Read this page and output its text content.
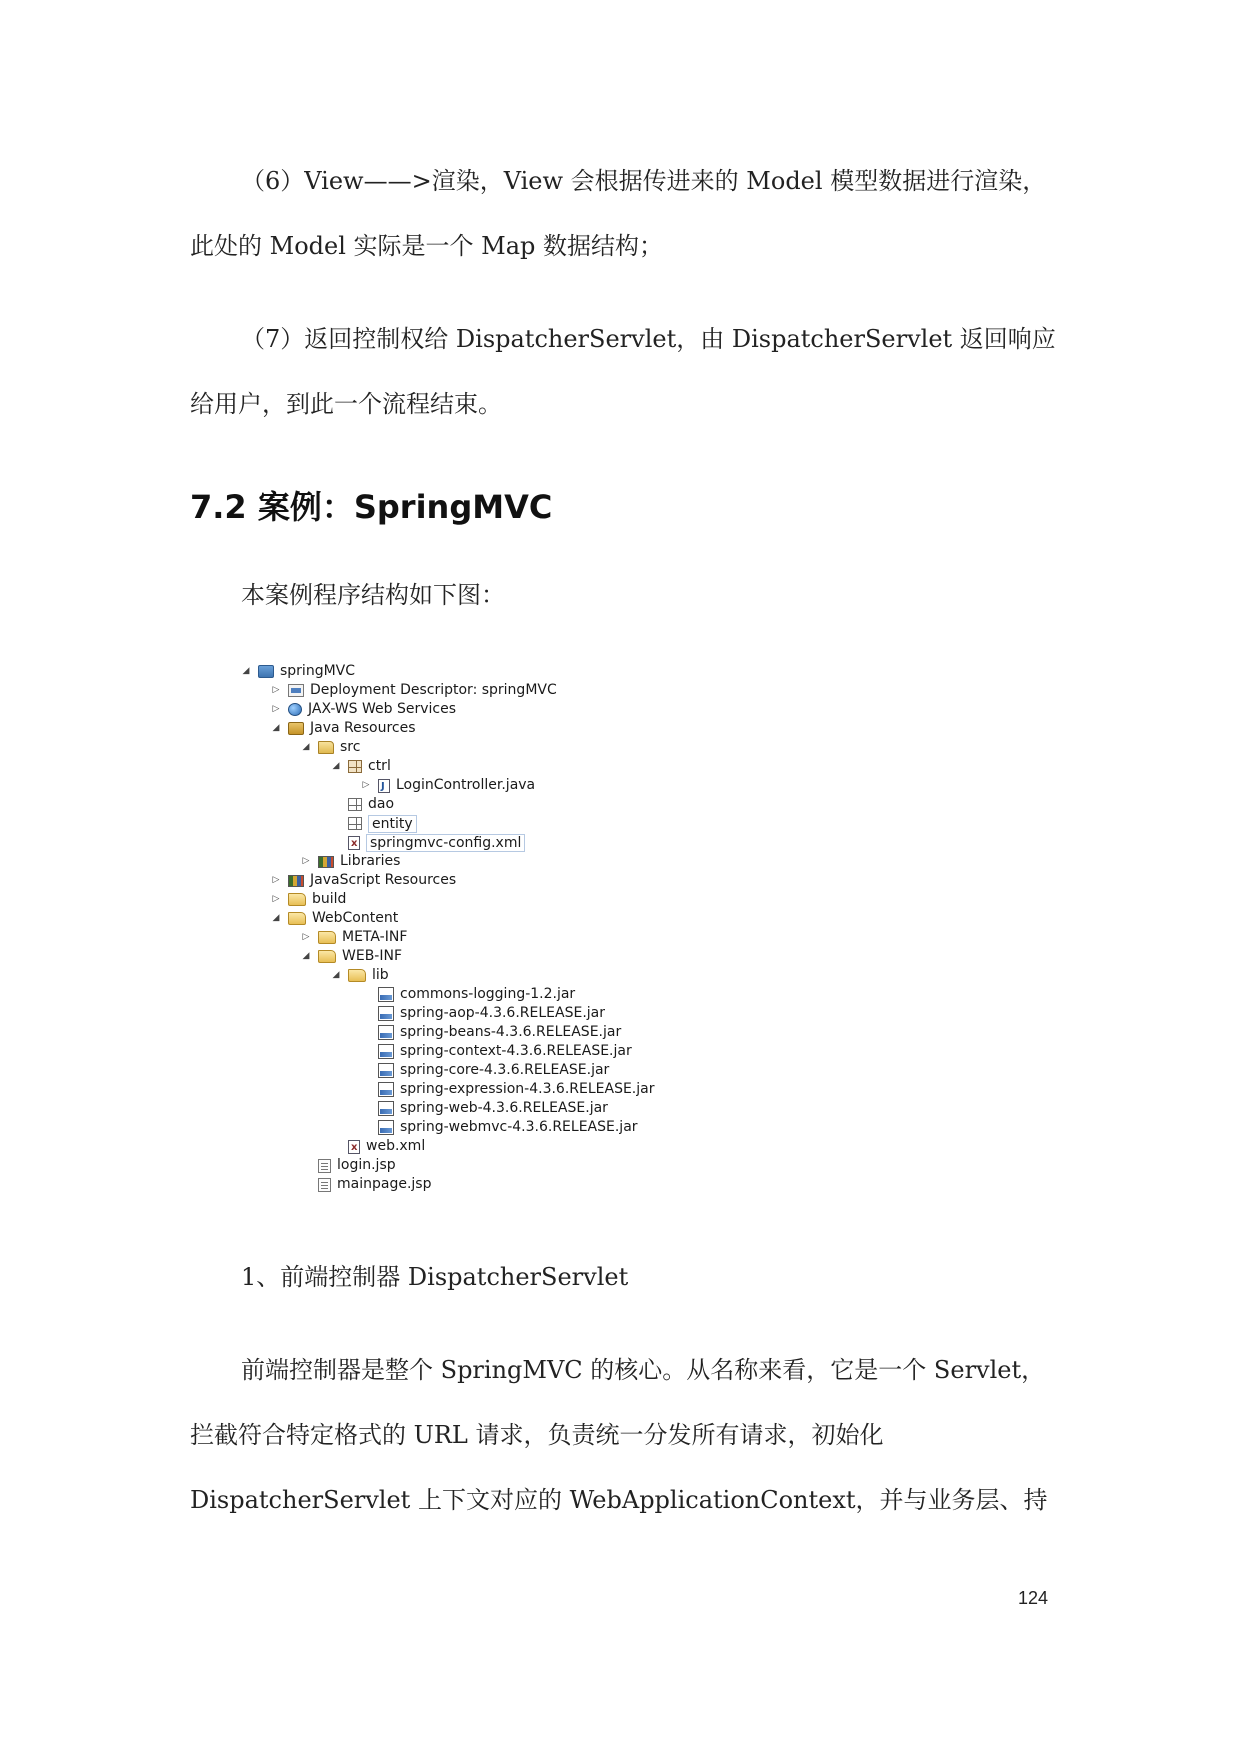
（6）View——>渲染，View 会根据传进来的 Model 模型数据进行渲染，
此处的 Model 实际是一个 Map 数据结构；

（7）返回控制权给 DispatcherServlet，由 DispatcherServlet 返回响应
给用户，到此一个流程结束。

7.2 案例：SpringMVC

本案例程序结构如下图：

◢ springMVC
▷ Deployment Descriptor: springMVC
▷ JAX-WS Web Services
◢ Java Resources
◢ src
◢ ctrl
▷
J LoginController.java
dao
entity
x
springmvc-config.xml
▷ Libraries
▷ JavaScript Resources
▷ build
◢ WebContent
▷ META-INF
◢ WEB-INF
◢ lib
commons-logging-1.2.jar
spring-aop-4.3.6.RELEASE.jar
spring-beans-4.3.6.RELEASE.jar
spring-context-4.3.6.RELEASE.jar
spring-core-4.3.6.RELEASE.jar
spring-expression-4.3.6.RELEASE.jar
spring-web-4.3.6.RELEASE.jar
spring-webmvc-4.3.6.RELEASE.jar
x
web.xml
login.jsp
mainpage.jsp

1、前端控制器 DispatcherServlet

前端控制器是整个 SpringMVC 的核心。从名称来看，它是一个 Servlet，
拦截符合特定格式的 URL 请求，负责统一分发所有请求，初始化
DispatcherServlet 上下文对应的 WebApplicationContext，并与业务层、持

124
